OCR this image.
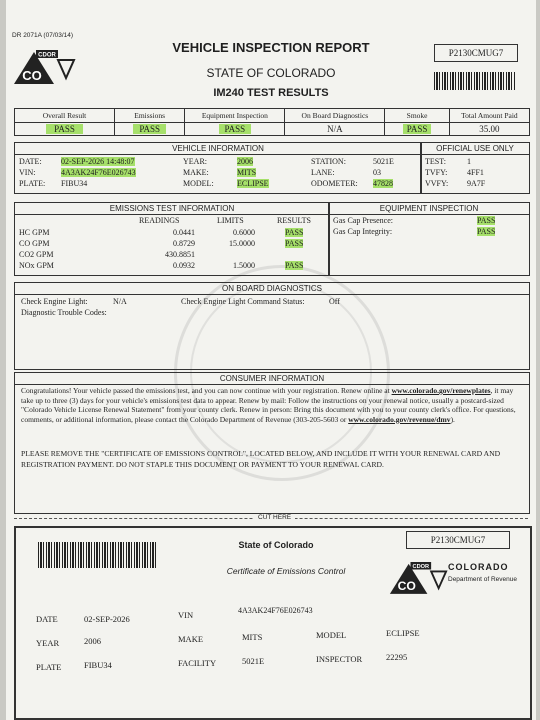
DR 2071A (07/03/14)
CDOR
CO
VEHICLE INSPECTION REPORT
STATE OF COLORADO
IM240 TEST RESULTS
P2130CMUG7
Overall Result	Emissions	Equipment Inspection	On Board Diagnostics	Smoke	Total Amount Paid
PASS	PASS	PASS	N/A	PASS	35.00
VEHICLE INFORMATION
DATE: 02-SEP-2026 14:48:07
VIN:	4A3AK24F76E026743
PLATE: FIBU34
YEAR:	2006
MAKE:	MITS
MODEL:	ECLIPSE
STATION:	5021E
LANE:	03
ODOMETER: 47828
OFFICIAL USE ONLY
TEST:	1
TVFY: 4FF1
VVFY: 9A7F
EMISSIONS TEST INFORMATION
READINGS	LIMITS	RESULTS
HC GPM	0.0441	0.6000	PASS
CO GPM	0.8729	15.0000	PASS
CO2 GPM	430.8851
NOx GPM	0.0932	1.5000	PASS
EQUIPMENT INSPECTION
Gas Cap Presence:	PASS
Gas Cap Integrity:	PASS
ON BOARD DIAGNOSTICS
Check Engine Light:	N/A	Check Engine Light Command Status:	Off
Diagnostic Trouble Codes:
CONSUMER INFORMATION
Congratulations! Your vehicle passed the emissions test, and you can now continue with your registration. Renew online at www.colorado.gov/renewplates, it may take up to three (3) days for your vehicle's emissions test data to appear. Renew by mail: Follow the instructions on your renewal notice, usually a postcard-sized "Colorado Vehicle License Renewal Statement" from your county clerk. Renew in person: Bring this document with you to your county clerk's office. For questions, comments, or additional information, please contact the Colorado Department of Revenue (303-205-5603 or www.colorado.gov/revenue/dmv).
PLEASE REMOVE THE "CERTIFICATE OF EMISSIONS CONTROL", LOCATED BELOW, AND INCLUDE IT WITH YOUR RENEWAL CARD AND REGISTRATION PAYMENT. DO NOT STAPLE THIS DOCUMENT OR PAYMENT TO YOUR RENEWAL CARD.
CUT HERE
State of Colorado	P2130CMUG7
Certificate of Emissions Control	CDOR
CO
COLORADO
Department of Revenue
DATE	02-SEP-2026	VIN	4A3AK24F76E026743
YEAR	2006	MAKE	MITS	MODEL	ECLIPSE
PLATE	FIBU34	FACILITY	5021E	INSPECTOR	22295
